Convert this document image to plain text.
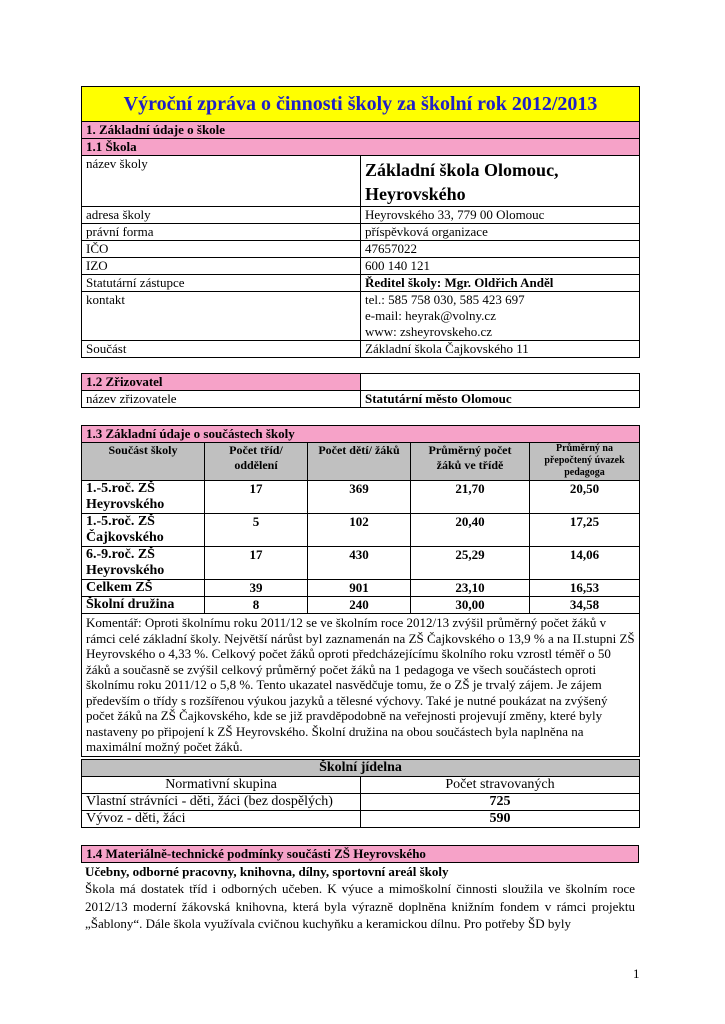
Výroční zpráva o činnosti školy za školní rok 2012/2013	
1. Základní údaje o škole	
1.1 Škola	
název školy	Základní škola Olomouc, Heyrovského
adresa školy	Heyrovského 33, 779 00 Olomouc
právní forma	příspěvková organizace
IČO	47657022
IZO	600 140 121
Statutární zástupce	Ředitel školy: Mgr. Oldřich Anděl
kontakt	tel.: 585 758 030, 585 423 697
e-mail: heyrak@volny.cz
www: zsheyrovskeho.cz

Součást	Základní škola Čajkovského 11
1.2 Zřizovatel	
název zřizovatele	Statutární město Olomouc
1.3 Základní údaje o součástech školy				
Součást školy	Počet tříd/ oddělení	Počet dětí/ žáků	Průměrný počet žáků ve třídě	Průměrný na přepočtený úvazek pedagoga
1.-5.roč. ZŠ Heyrovského	17	369	21,70	20,50
1.-5.roč. ZŠ Čajkovského	5	102	20,40	17,25
6.-9.roč. ZŠ Heyrovského	17	430	25,29	14,06
Celkem ZŠ	39	901	23,10	16,53
Školní družina	8	240	30,00	34,58
Komentář: Oproti školnímu roku 2011/12 se ve školním roce 2012/13 zvýšil průměrný počet žáků v rámci celé základní školy. Největší nárůst byl zaznamenán na ZŠ Čajkovského o 13,9 % a na II.stupni ZŠ Heyrovského o 4,33 %. Celkový počet žáků oproti předcházejícímu školního roku vzrostl téměř o 50 žáků a současně se zvýšil celkový průměrný počet žáků na 1 pedagoga ve všech součástech oproti školnímu roku 2011/12 o 5,8 %. Tento ukazatel nasvědčuje tomu, že o ZŠ je trvalý zájem. Je zájem především o třídy s rozšířenou výukou jazyků a tělesné výchovy. Také je nutné poukázat na zvýšený počet žáků na ZŠ Čajkovského, kde se již pravděpodobně na veřejnosti projevují změny, které byly nastaveny po připojení k ZŠ Heyrovského. Školní družina na obou součástech byla naplněna na maximální možný počet žáků.				
Školní jídelna	
Normativní skupina	Počet stravovaných
Vlastní strávníci - děti, žáci (bez dospělých)	725
Vývoz - děti, žáci	590
1.4 Materiálně-technické podmínky součásti ZŠ Heyrovského
Učebny, odborné pracovny, knihovna, dílny, sportovní areál školy
Škola má dostatek tříd i odborných učeben. K výuce a mimoškolní činnosti sloužila ve školním roce 2012/13 moderní žákovská knihovna, která byla výrazně doplněna knižním fondem v rámci projektu „Šablony“. Dále škola využívala cvičnou kuchyňku a keramickou dílnu. Pro potřeby ŠD byly
1
